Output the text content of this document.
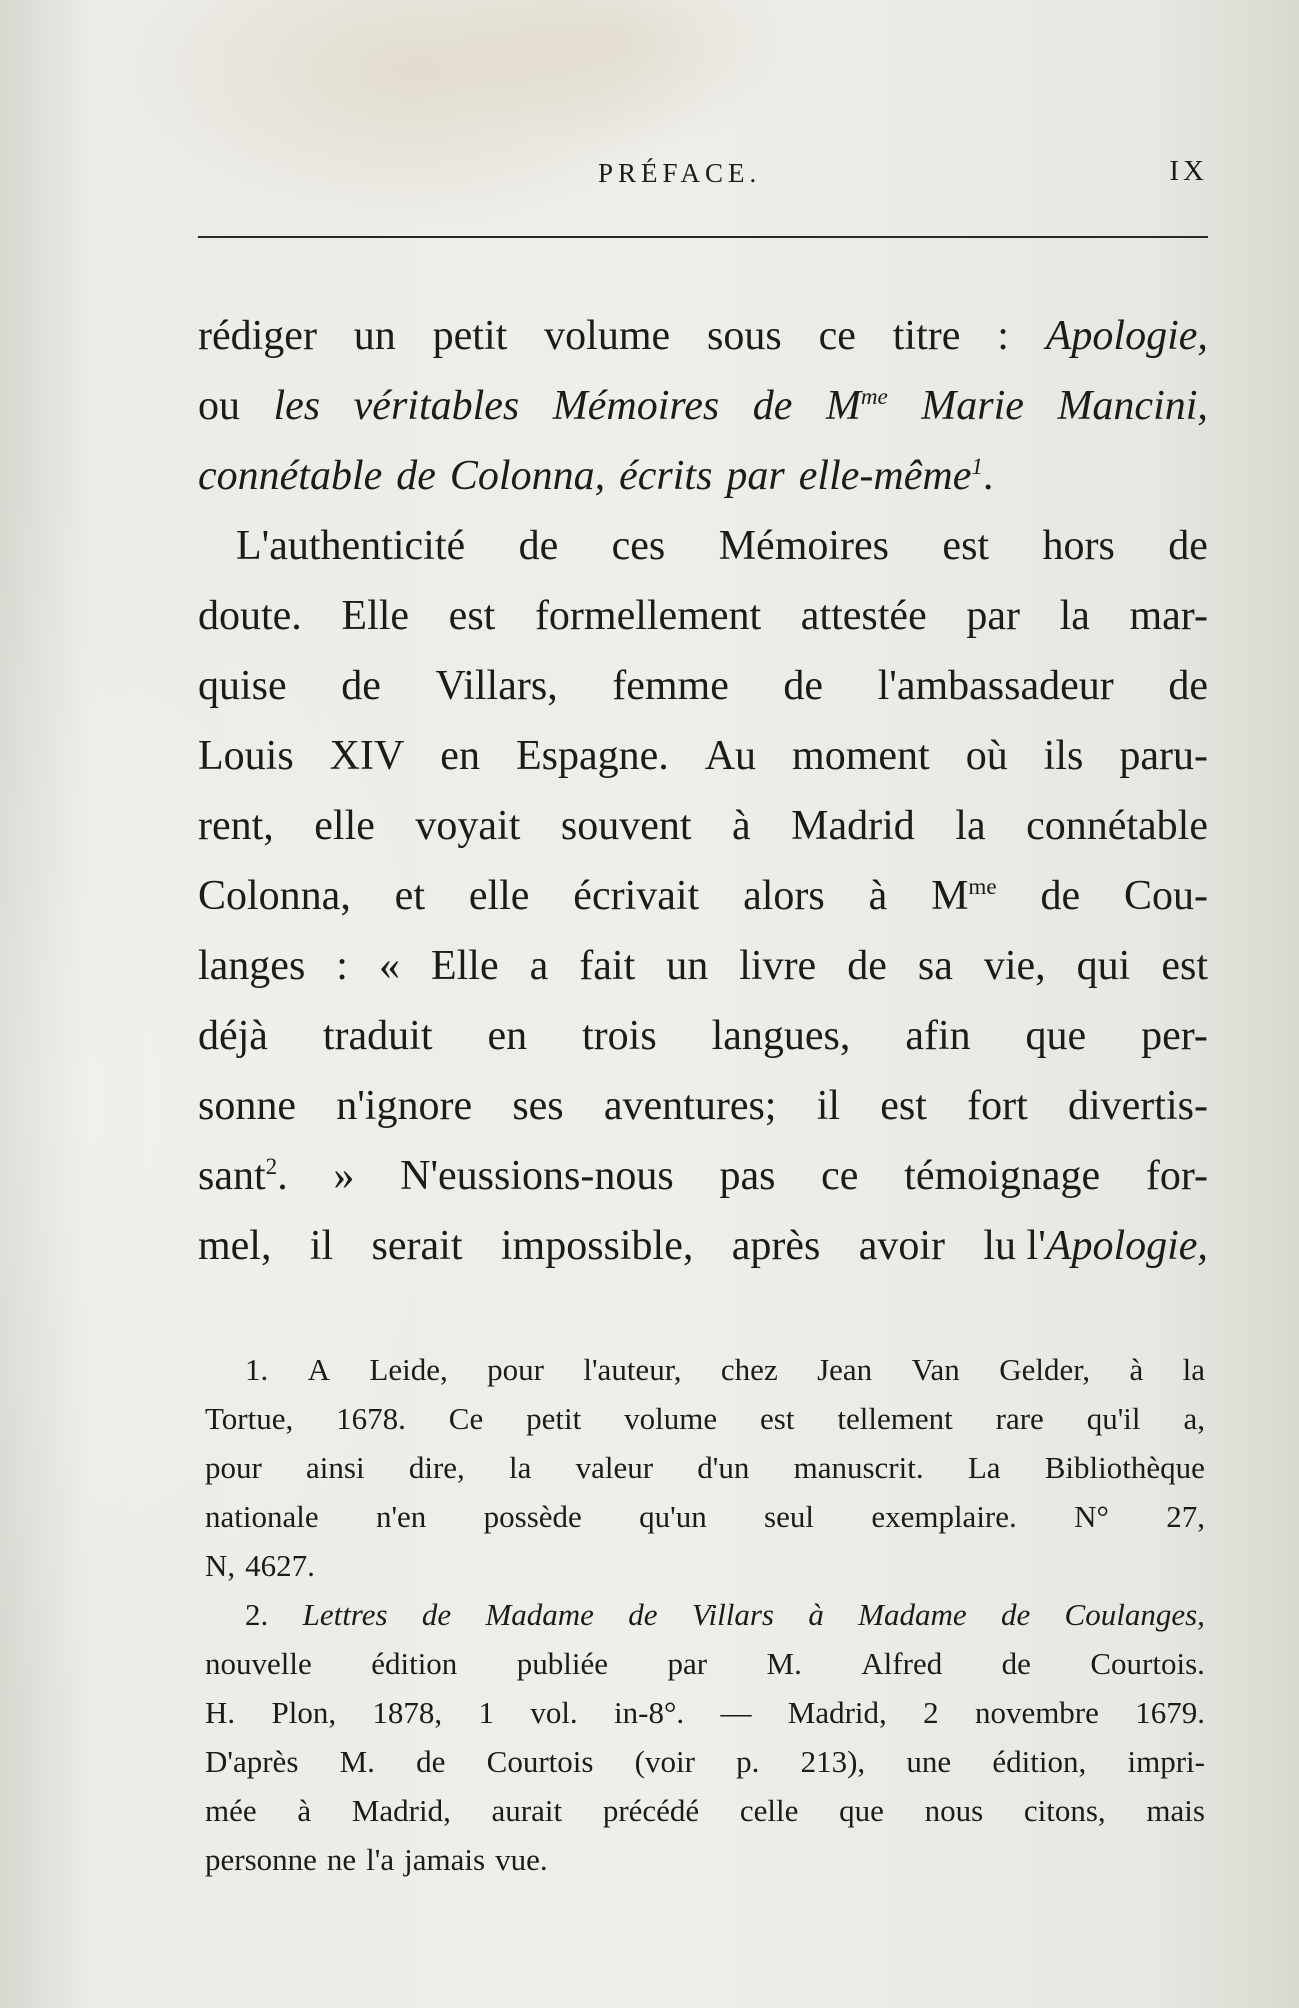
PRÉFACE.	IX
rédiger un petit volume sous ce titre : Apologie,
ou les véritables Mémoires de $M^{me}$ Marie Mancini,
connétable de Colonna, écrits par elle-même$^1$.
L'authenticité de ces Mémoires est hors de
doute. Elle est formellement attestée par la mar-
quise de Villars, femme de l'ambassadeur de
Louis XIV en Espagne. Au moment où ils paru-
rent, elle voyait souvent à Madrid la connétable
Colonna, et elle écrivait alors à $M^{me}$ de Cou-
langes : « Elle a fait un livre de sa vie, qui est
déjà traduit en trois langues, afin que per-
sonne n'ignore ses aventures; il est fort divertis-
sant$^2$. » N'eussions-nous pas ce témoignage for-
mel, il serait impossible, après avoir lu l'Apologie,
1. A Leide, pour l'auteur, chez Jean Van Gelder, à la
Tortue, 1678. Ce petit volume est tellement rare qu'il a,
pour ainsi dire, la valeur d'un manuscrit. La Bibliothèque
nationale n'en possède qu'un seul exemplaire. N° 27,
N, 4627.
2. Lettres de Madame de Villars à Madame de Coulanges,
nouvelle édition publiée par M. Alfred de Courtois.
H. Plon, 1878, 1 vol. in-8°. — Madrid, 2 novembre 1679.
D'après M. de Courtois (voir p. 213), une édition, impri-
mée à Madrid, aurait précédé celle que nous citons, mais
personne ne l'a jamais vue.
